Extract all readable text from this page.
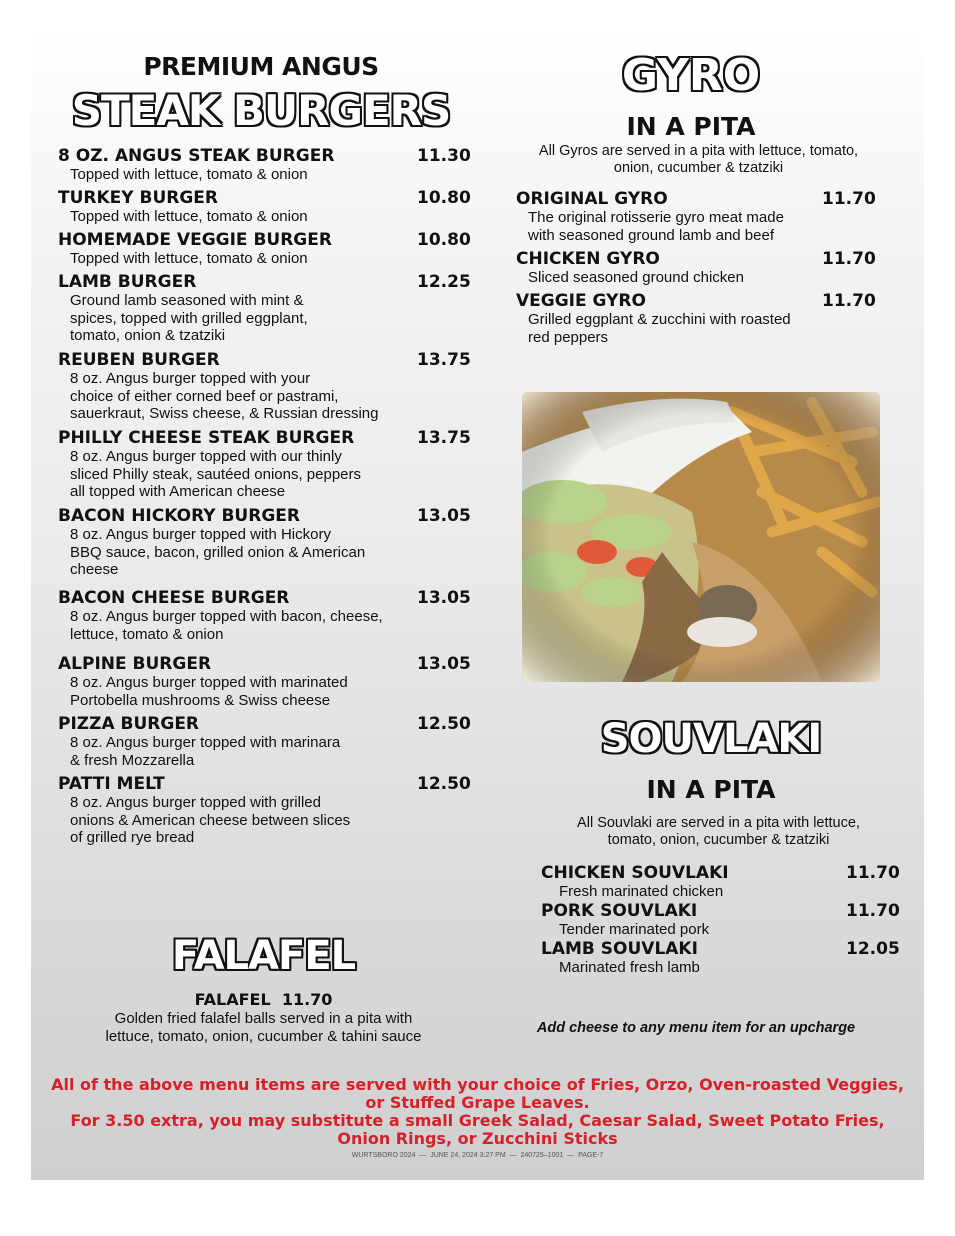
PREMIUM ANGUS
STEAK BURGERS
8 OZ. ANGUS STEAK BURGER	11.30
Topped with lettuce, tomato & onion
TURKEY BURGER	10.80
Topped with lettuce, tomato & onion
HOMEMADE VEGGIE BURGER	10.80
Topped with lettuce, tomato & onion
LAMB BURGER	12.25
Ground lamb seasoned with mint &
spices, topped with grilled eggplant,
tomato, onion & tzatziki
REUBEN BURGER	13.75
8 oz. Angus burger topped with your
choice of either corned beef or pastrami,
sauerkraut, Swiss cheese, & Russian dressing
PHILLY CHEESE STEAK BURGER	13.75
8 oz. Angus burger topped with our thinly
sliced Philly steak, sautéed onions, peppers
all topped with American cheese
BACON HICKORY BURGER	13.05
8 oz. Angus burger topped with Hickory
BBQ sauce, bacon, grilled onion & American
cheese
BACON CHEESE BURGER	13.05
8 oz. Angus burger topped with bacon, cheese,
lettuce, tomato & onion
ALPINE BURGER	13.05
8 oz. Angus burger topped with marinated
Portobella mushrooms & Swiss cheese
PIZZA BURGER	12.50
8 oz. Angus burger topped with marinara
& fresh Mozzarella
PATTI MELT	12.50
8 oz. Angus burger topped with grilled
onions & American cheese between slices
of grilled rye bread
GYRO
IN A PITA
All Gyros are served in a pita with lettuce, tomato,
onion, cucumber & tzatziki
ORIGINAL GYRO	11.70
The original rotisserie gyro meat made
with seasoned ground lamb and beef
CHICKEN GYRO	11.70
Sliced seasoned ground chicken
VEGGIE GYRO	11.70
Grilled eggplant & zucchini with roasted
red peppers
SOUVLAKI
IN A PITA
All Souvlaki are served in a pita with lettuce,
tomato, onion, cucumber & tzatziki
CHICKEN SOUVLAKI	11.70
Fresh marinated chicken
PORK SOUVLAKI	11.70
Tender marinated pork
LAMB SOUVLAKI	12.05
Marinated fresh lamb
FALAFEL
FALAFEL  11.70
Golden fried falafel balls served in a pita with
lettuce, tomato, onion, cucumber & tahini sauce	Add cheese to any menu item for an upcharge
All of the above menu items are served with your choice of Fries, Orzo, Oven-roasted Veggies,
or Stuffed Grape Leaves.
For 3.50 extra, you may substitute a small Greek Salad, Caesar Salad, Sweet Potato Fries,
Onion Rings, or Zucchini Sticks
WURTSBORO 2024  —  JUNE 24, 2024 3:27 PM  —  240725–1001  —  PAGE-7
